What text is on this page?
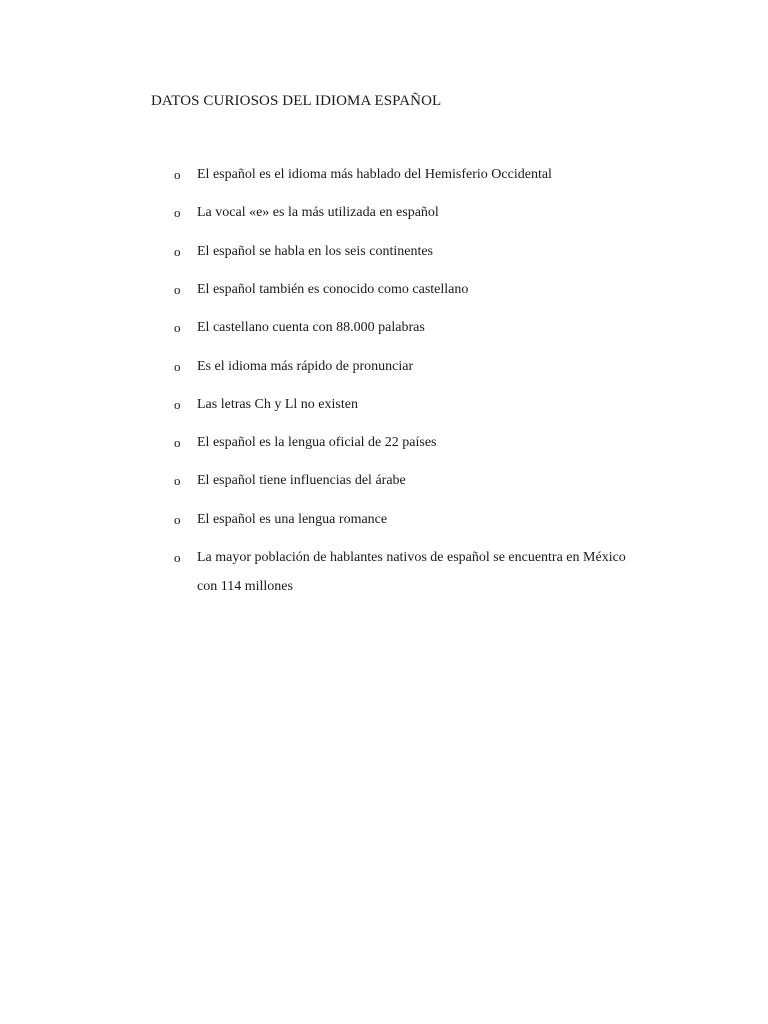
DATOS CURIOSOS DEL IDIOMA ESPAÑOL
o El español es el idioma más hablado del Hemisferio Occidental
o La vocal «e» es la más utilizada en español
o El español se habla en los seis continentes
o El español también es conocido como castellano
o El castellano cuenta con 88.000 palabras
o Es el idioma más rápido de pronunciar
o Las letras Ch y Ll no existen
o El español es la lengua oficial de 22 países
o El español tiene influencias del árabe
o El español es una lengua romance
o La mayor población de hablantes nativos de español se encuentra en México
con 114 millones
